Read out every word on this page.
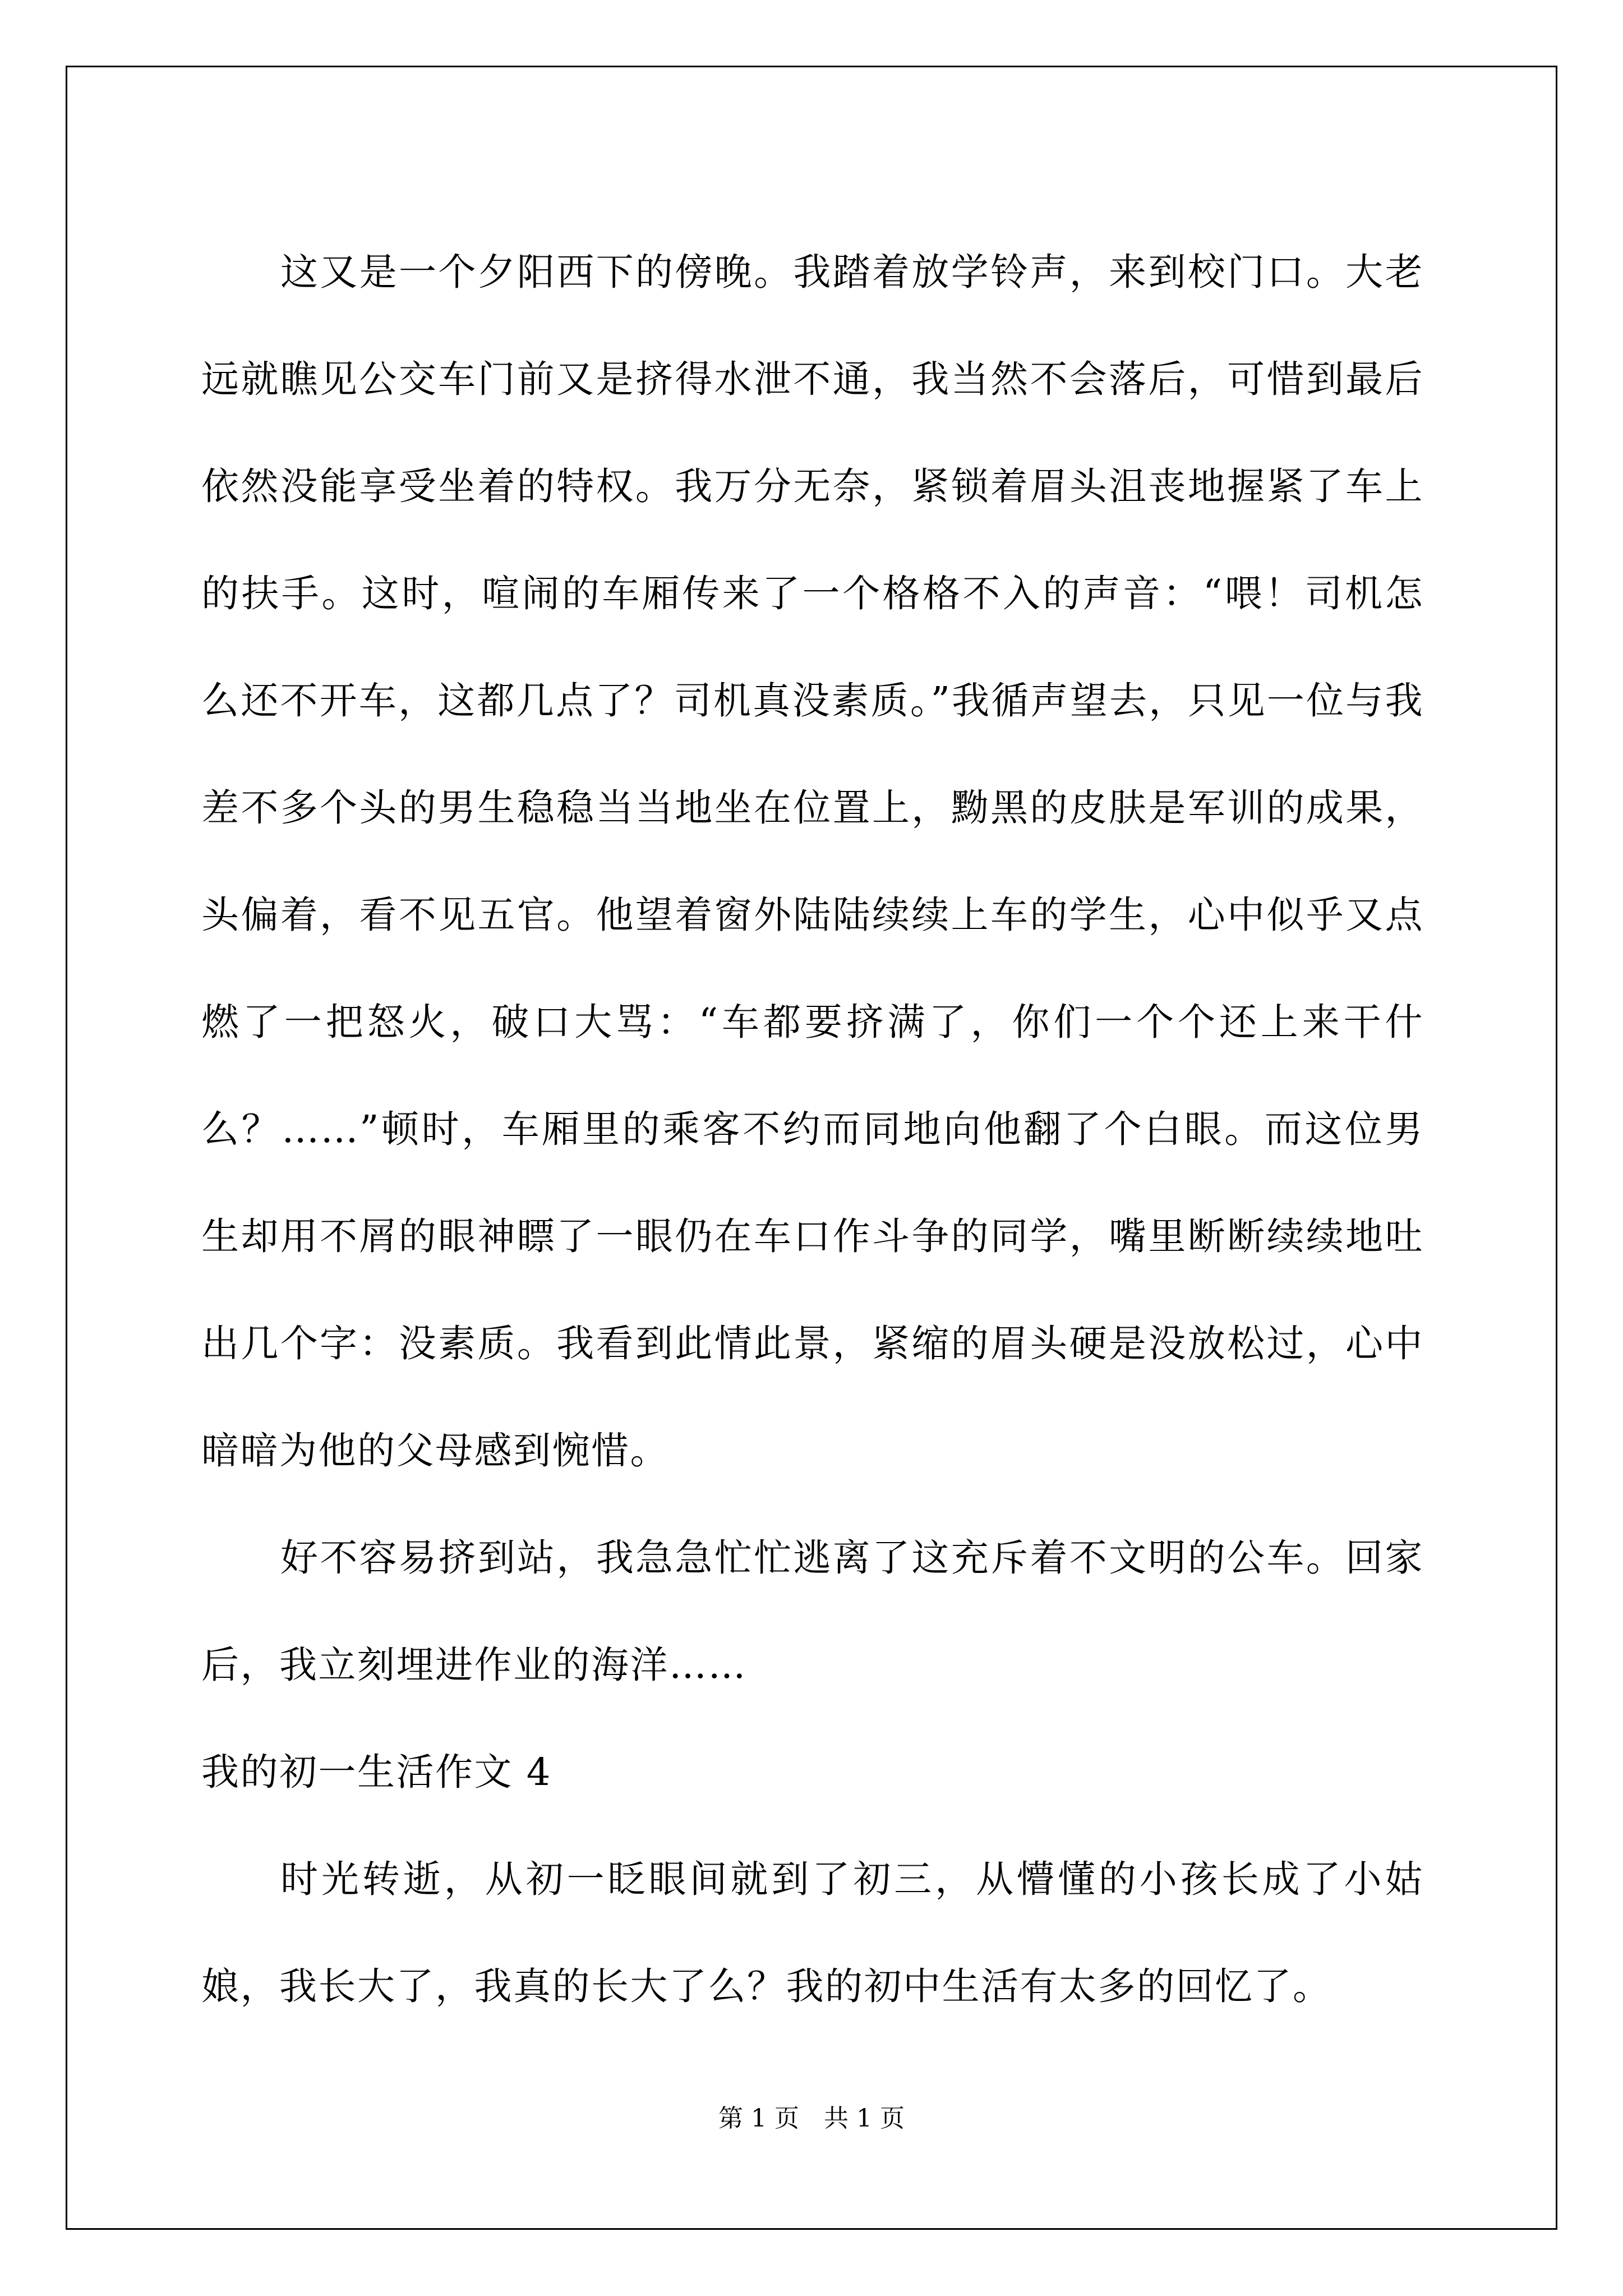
这又是一个夕阳西下的傍晚。我踏着放学铃声，来到校门口。大老远就瞧见公交车门前又是挤得水泄不通，我当然不会落后，可惜到最后依然没能享受坐着的特权。我万分无奈，紧锁着眉头沮丧地握紧了车上的扶手。这时，喧闹的车厢传来了一个格格不入的声音：“喂！司机怎么还不开车，这都几点了？司机真没素质。”我循声望去，只见一位与我差不多个头的男生稳稳当当地坐在位置上，黝黑的皮肤是军训的成果，头偏着，看不见五官。他望着窗外陆陆续续上车的学生，心中似乎又点燃了一把怒火，破口大骂：“车都要挤满了，你们一个个还上来干什么？……”顿时，车厢里的乘客不约而同地向他翻了个白眼。而这位男生却用不屑的眼神瞟了一眼仍在车口作斗争的同学，嘴里断断续续地吐出几个字：没素质。我看到此情此景，紧缩的眉头硬是没放松过，心中暗暗为他的父母感到惋惜。

好不容易挤到站，我急急忙忙逃离了这充斥着不文明的公车。回家后，我立刻埋进作业的海洋……

我的初一生活作文 4

时光转逝，从初一眨眼间就到了初三，从懵懂的小孩长成了小姑娘，我长大了，我真的长大了么？我的初中生活有太多的回忆了。

第 1 页　共 1 页
